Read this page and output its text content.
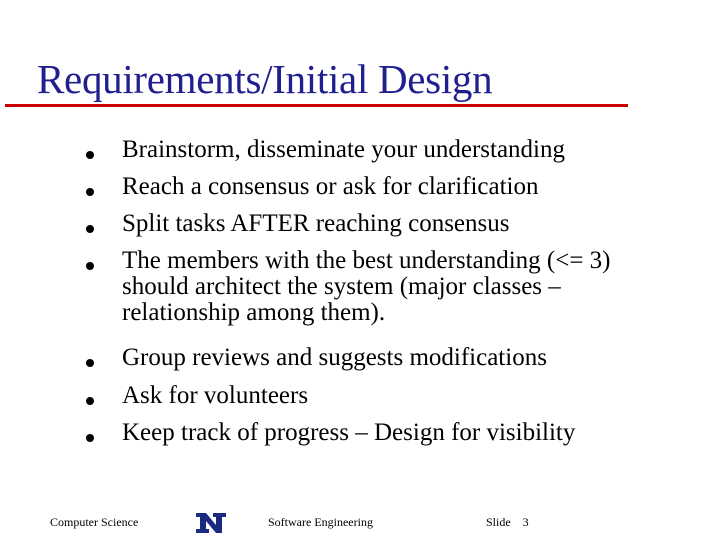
Requirements/Initial Design
Brainstorm, disseminate your understanding
Reach a consensus or ask for clarification
Split tasks AFTER reaching consensus
The members with the best understanding (<= 3)
should architect the system (major classes –
relationship among them).
Group reviews and suggests modifications
Ask for volunteers
Keep track of progress – Design for visibility
Computer Science	Software Engineering	Slide 3
